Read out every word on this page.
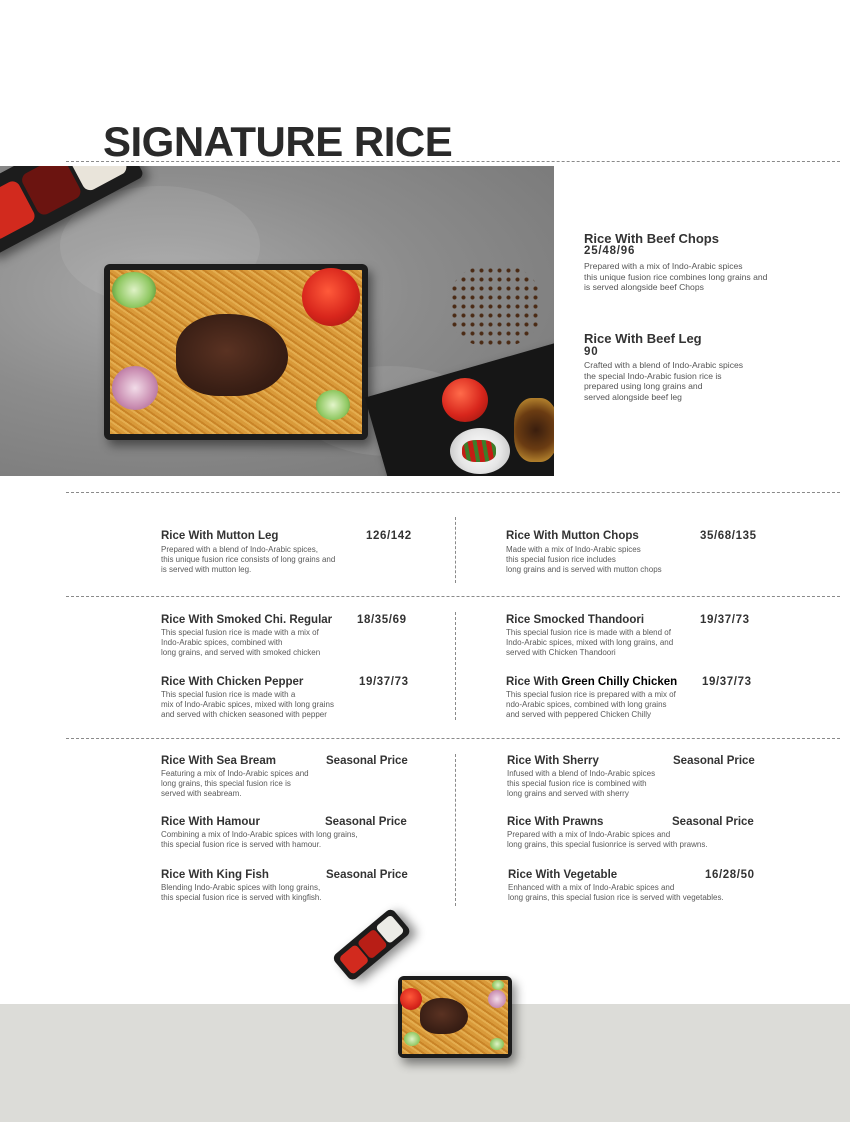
SIGNATURE RICE
Rice With Beef Chops
25/48/96
Prepared with a mix of Indo-Arabic spices
this unique fusion rice combines long grains and
is served alongside beef Chops
Rice With Beef Leg
90
Crafted with a blend of Indo-Arabic spices
the special Indo-Arabic fusion rice is
prepared using long grains and
served alongside beef leg
Rice With Mutton Leg	126/142
Prepared with a blend of Indo-Arabic spices,
this unique fusion rice consists of long grains and
is served with mutton leg.
Rice With Mutton Chops	35/68/135
Made with a mix of Indo-Arabic spices
this special fusion rice includes
long grains and is served with mutton chops
Rice With Smoked Chi. Regular 18/35/69
This special fusion rice is made with a mix of
Indo-Arabic spices, combined with
long grains, and served with smoked chicken
Rice Smocked Thandoori	19/37/73
This special fusion rice is made with a blend of
Indo-Arabic spices, mixed with long grains, and
served with Chicken Thandoori
Rice With Chicken Pepper	19/37/73
This special fusion rice is made with a
mix of Indo-Arabic spices, mixed with long grains
and served with chicken seasoned with pepper
Rice With Green Chilly Chicken 19/37/73
This special fusion rice is prepared with a mix of
ndo-Arabic spices, combined with long grains
and served with peppered Chicken Chilly
Rice With Sea Bream	Seasonal Price
Featuring a mix of Indo-Arabic spices and
long grains, this special fusion rice is
served with seabream.
Rice With Sherry	Seasonal Price
Infused with a blend of Indo-Arabic spices
this special fusion rice is combined with
long grains and served with sherry
Rice With Hamour	Seasonal Price
Combining a mix of Indo-Arabic spices with long grains,
this special fusion rice is served with hamour.
Rice With Prawns	Seasonal Price
Prepared with a mix of Indo-Arabic spices and
long grains, this special fusionrice is served with prawns.
Rice With King Fish	Seasonal Price
Blending Indo-Arabic spices with long grains,
this special fusion rice is served with kingfish.
Rice With Vegetable	16/28/50
Enhanced with a mix of Indo-Arabic spices and
long grains, this special fusion rice is served with vegetables.
